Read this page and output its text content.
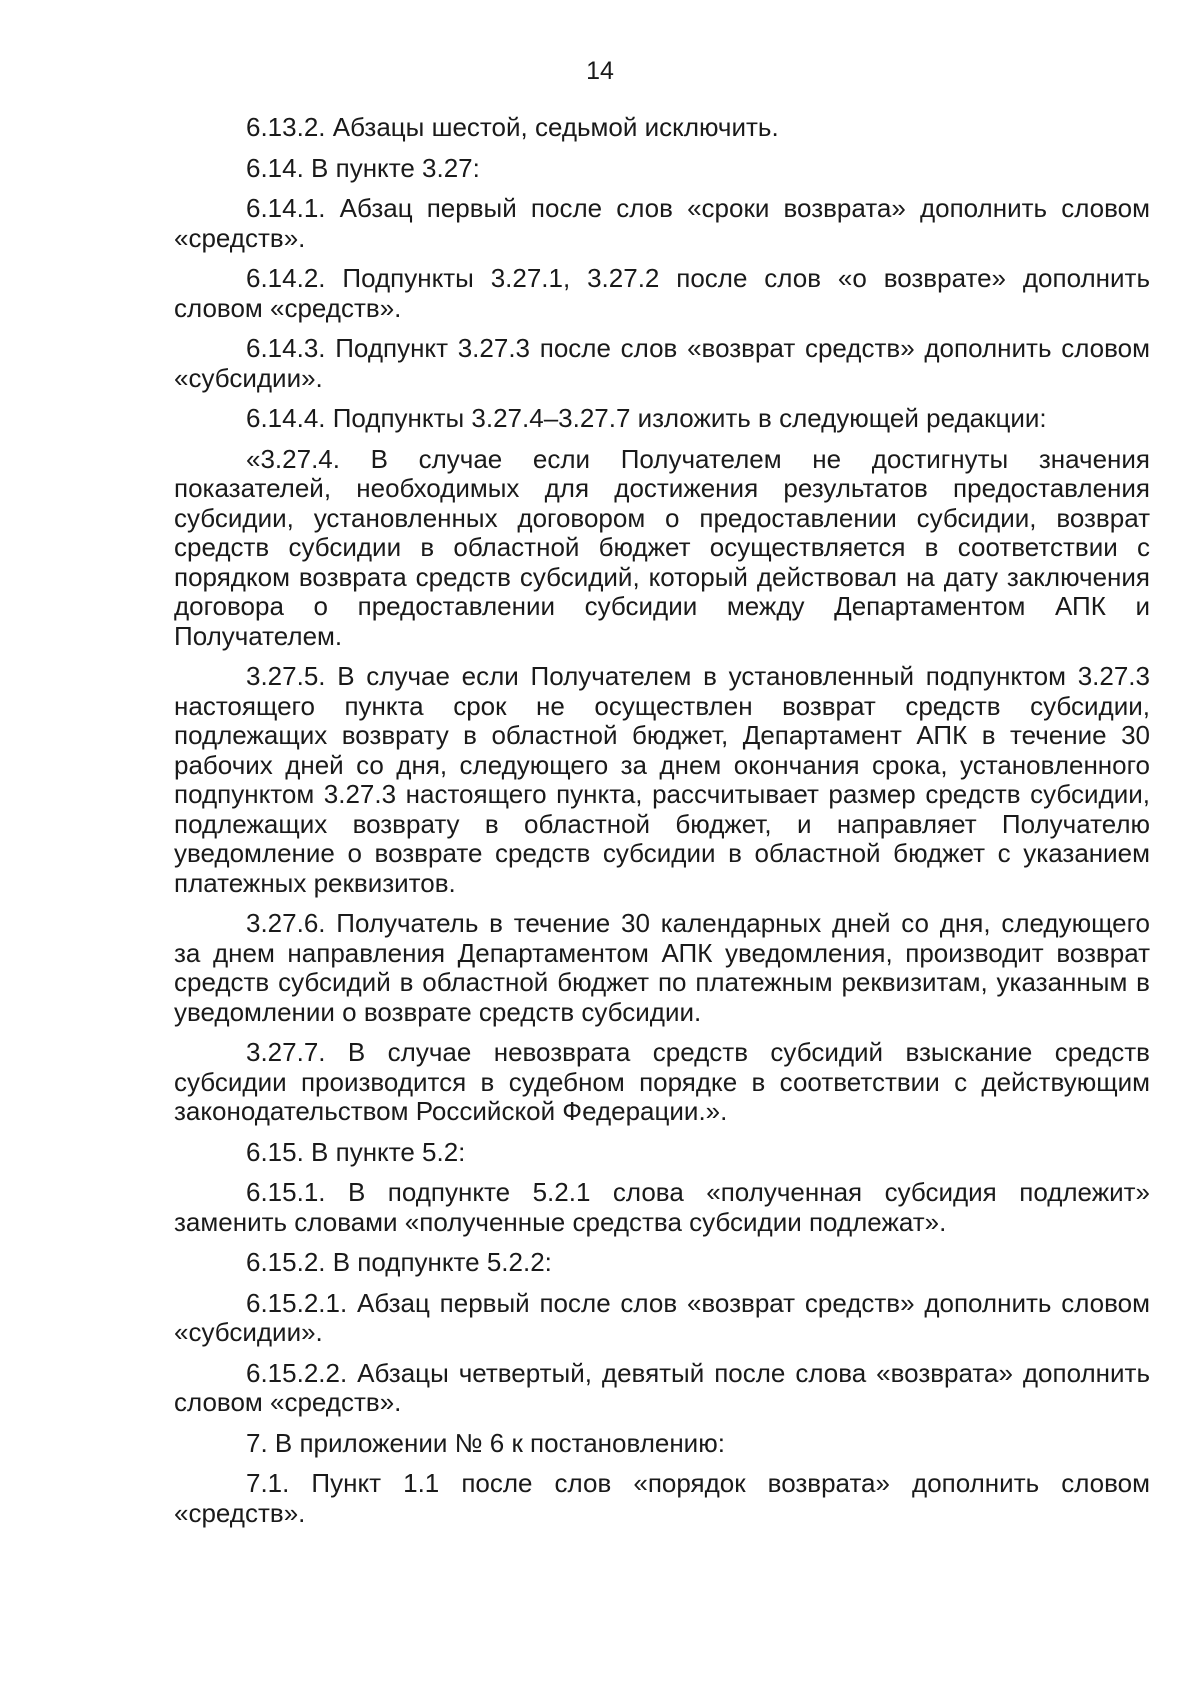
14

6.13.2. Абзацы шестой, седьмой исключить.

6.14. В пункте 3.27:

6.14.1. Абзац первый после слов «сроки возврата» дополнить словом «средств».

6.14.2. Подпункты 3.27.1, 3.27.2 после слов «о возврате» дополнить словом «средств».

6.14.3. Подпункт 3.27.3 после слов «возврат средств» дополнить словом «субсидии».

6.14.4. Подпункты 3.27.4–3.27.7 изложить в следующей редакции:

«3.27.4. В случае если Получателем не достигнуты значения показателей, необходимых для достижения результатов предоставления субсидии, установленных договором о предоставлении субсидии, возврат средств субсидии в областной бюджет осуществляется в соответствии с порядком возврата средств субсидий, который действовал на дату заключения договора о предоставлении субсидии между Департаментом АПК и Получателем.

3.27.5. В случае если Получателем в установленный подпунктом 3.27.3 настоящего пункта срок не осуществлен возврат средств субсидии, подлежащих возврату в областной бюджет, Департамент АПК в течение 30 рабочих дней со дня, следующего за днем окончания срока, установленного подпунктом 3.27.3 настоящего пункта, рассчитывает размер средств субсидии, подлежащих возврату в областной бюджет, и направляет Получателю уведомление о возврате средств субсидии в областной бюджет с указанием платежных реквизитов.

3.27.6. Получатель в течение 30 календарных дней со дня, следующего за днем направления Департаментом АПК уведомления, производит возврат средств субсидий в областной бюджет по платежным реквизитам, указанным в уведомлении о возврате средств субсидии.

3.27.7. В случае невозврата средств субсидий взыскание средств субсидии производится в судебном порядке в соответствии с действующим законодательством Российской Федерации.».

6.15. В пункте 5.2:

6.15.1. В подпункте 5.2.1 слова «полученная субсидия подлежит» заменить словами «полученные средства субсидии подлежат».

6.15.2. В подпункте 5.2.2:

6.15.2.1. Абзац первый после слов «возврат средств» дополнить словом «субсидии».

6.15.2.2. Абзацы четвертый, девятый после слова «возврата» дополнить словом «средств».

7. В приложении № 6 к постановлению:

7.1. Пункт 1.1 после слов «порядок возврата» дополнить словом «средств».
